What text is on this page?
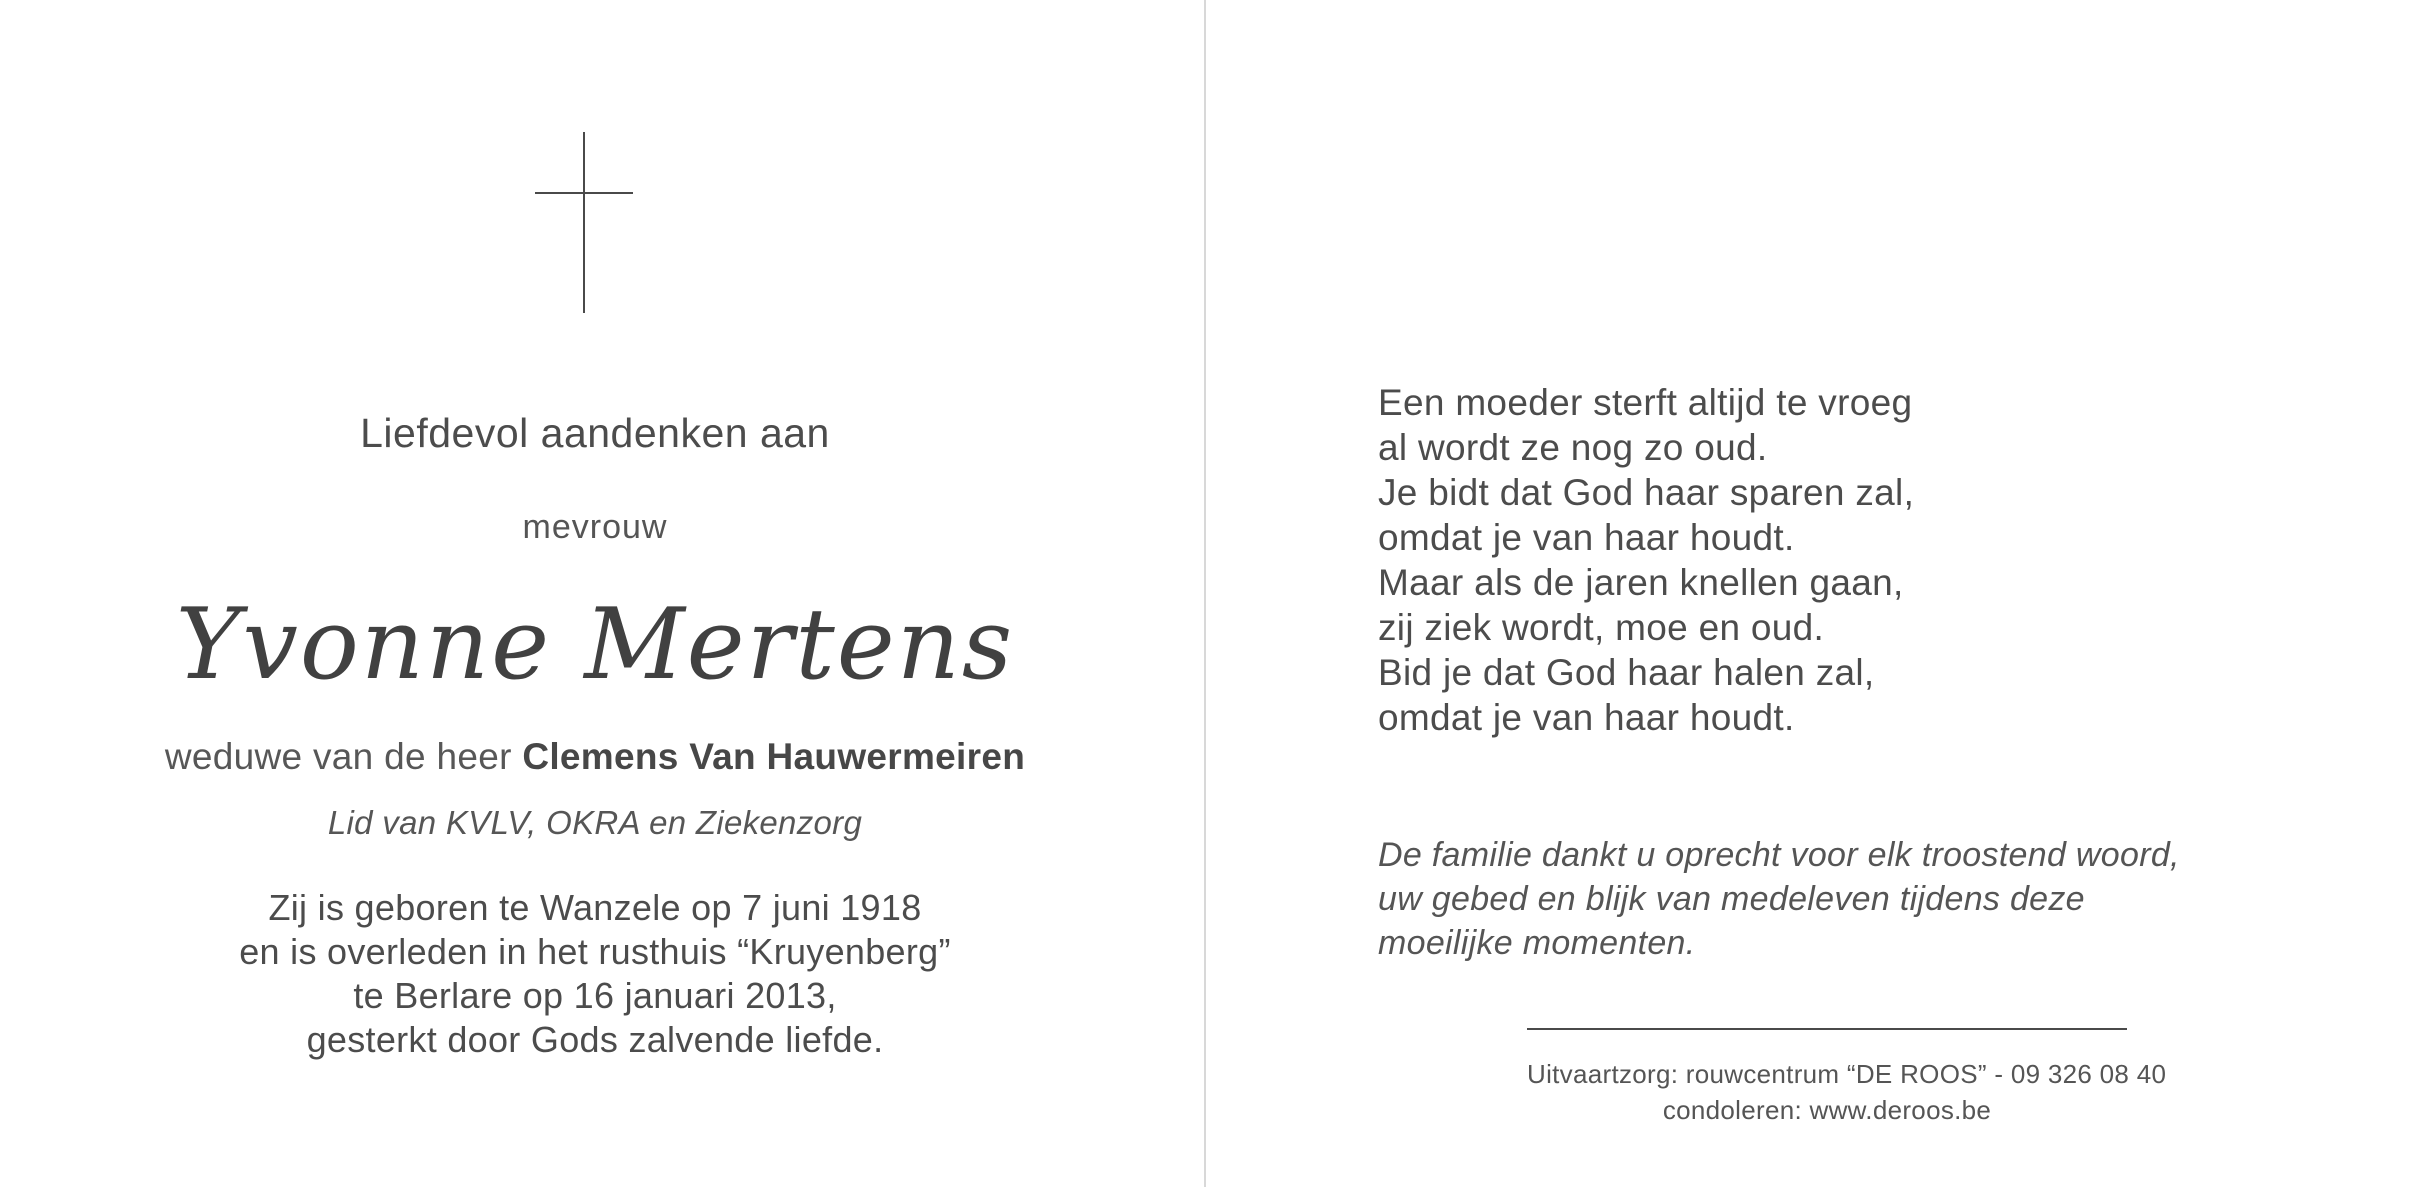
Liefdevol aandenken aan
mevrouw
Yvonne Mertens
weduwe van de heer Clemens Van Hauwermeiren
Lid van KVLV, OKRA en Ziekenzorg
Zij is geboren te Wanzele op 7 juni 1918
en is overleden in het rusthuis “Kruyenberg”
te Berlare op 16 januari 2013,
gesterkt door Gods zalvende liefde.
Een moeder sterft altijd te vroeg
al wordt ze nog zo oud.
Je bidt dat God haar sparen zal,
omdat je van haar houdt.
Maar als de jaren knellen gaan,
zij ziek wordt, moe en oud.
Bid je dat God haar halen zal,
omdat je van haar houdt.
De familie dankt u oprecht voor elk troostend woord,
uw gebed en blijk van medeleven tijdens deze
moeilijke momenten.
Uitvaartzorg: rouwcentrum “DE ROOS” - 09 326 08 40
condoleren: www.deroos.be
